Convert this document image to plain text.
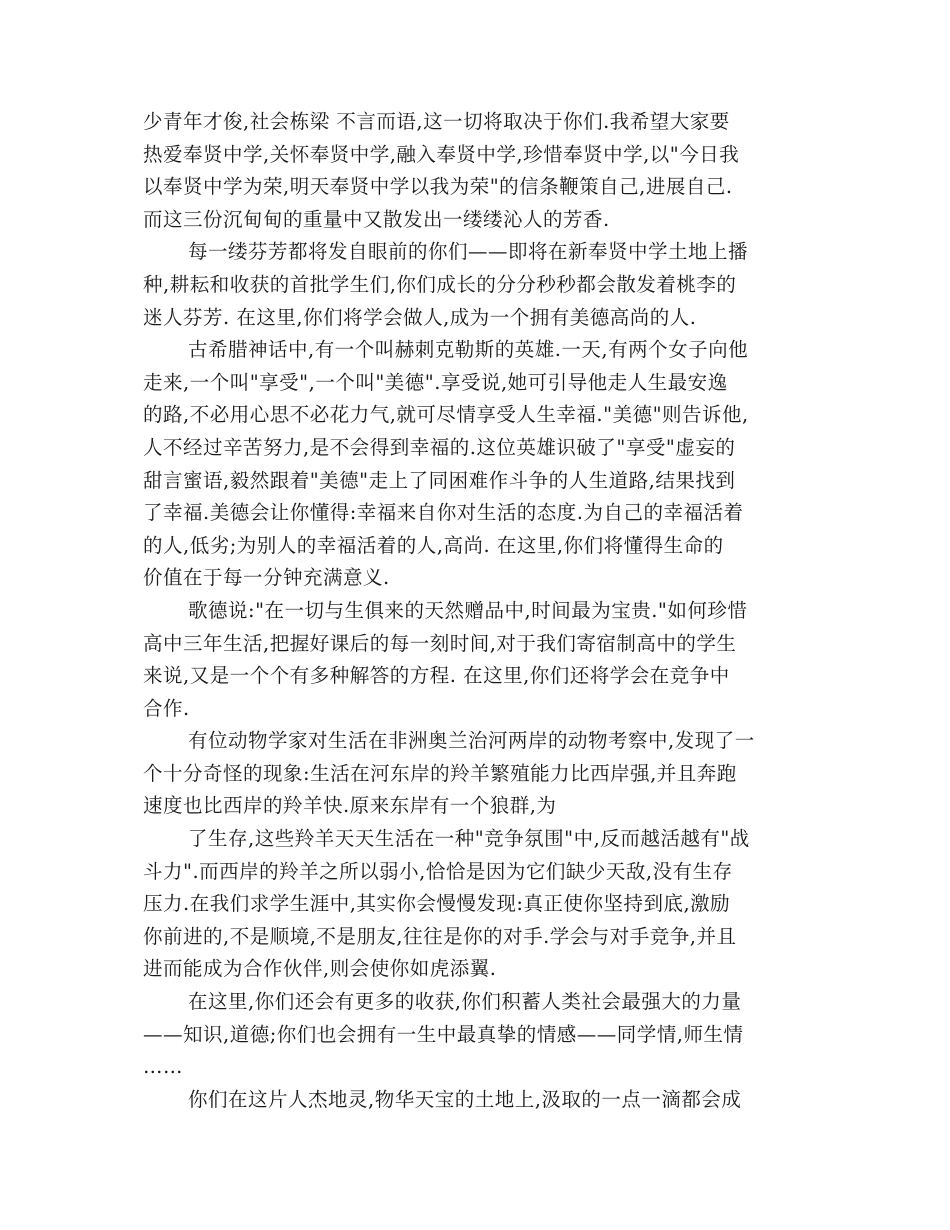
少青年才俊,社会栋梁 不言而语,这一切将取决于你们.我希望大家要
热爱奉贤中学,关怀奉贤中学,融入奉贤中学,珍惜奉贤中学,以"今日我
以奉贤中学为荣,明天奉贤中学以我为荣"的信条鞭策自己,进展自己.
而这三份沉甸甸的重量中又散发出一缕缕沁人的芳香.
每一缕芬芳都将发自眼前的你们——即将在新奉贤中学土地上播
种,耕耘和收获的首批学生们,你们成长的分分秒秒都会散发着桃李的
迷人芬芳. 在这里,你们将学会做人,成为一个拥有美德高尚的人.
古希腊神话中,有一个叫赫刺克勒斯的英雄.一天,有两个女子向他
走来,一个叫"享受",一个叫"美德".享受说,她可引导他走人生最安逸
的路,不必用心思不必花力气,就可尽情享受人生幸福."美德"则告诉他,
人不经过辛苦努力,是不会得到幸福的.这位英雄识破了"享受"虚妄的
甜言蜜语,毅然跟着"美德"走上了同困难作斗争的人生道路,结果找到
了幸福.美德会让你懂得:幸福来自你对生活的态度.为自己的幸福活着
的人,低劣;为别人的幸福活着的人,高尚. 在这里,你们将懂得生命的
价值在于每一分钟充满意义.
歌德说:"在一切与生俱来的天然赠品中,时间最为宝贵."如何珍惜
高中三年生活,把握好课后的每一刻时间,对于我们寄宿制高中的学生
来说,又是一个个有多种解答的方程. 在这里,你们还将学会在竞争中
合作.
有位动物学家对生活在非洲奥兰治河两岸的动物考察中,发现了一
个十分奇怪的现象:生活在河东岸的羚羊繁殖能力比西岸强,并且奔跑
速度也比西岸的羚羊快.原来东岸有一个狼群,为
了生存,这些羚羊天天生活在一种"竞争氛围"中,反而越活越有"战
斗力".而西岸的羚羊之所以弱小,恰恰是因为它们缺少天敌,没有生存
压力.在我们求学生涯中,其实你会慢慢发现:真正使你坚持到底,激励
你前进的,不是顺境,不是朋友,往往是你的对手.学会与对手竞争,并且
进而能成为合作伙伴,则会使你如虎添翼.
在这里,你们还会有更多的收获,你们积蓄人类社会最强大的力量
——知识,道德;你们也会拥有一生中最真挚的情感——同学情,师生情
……
你们在这片人杰地灵,物华天宝的土地上,汲取的一点一滴都会成
